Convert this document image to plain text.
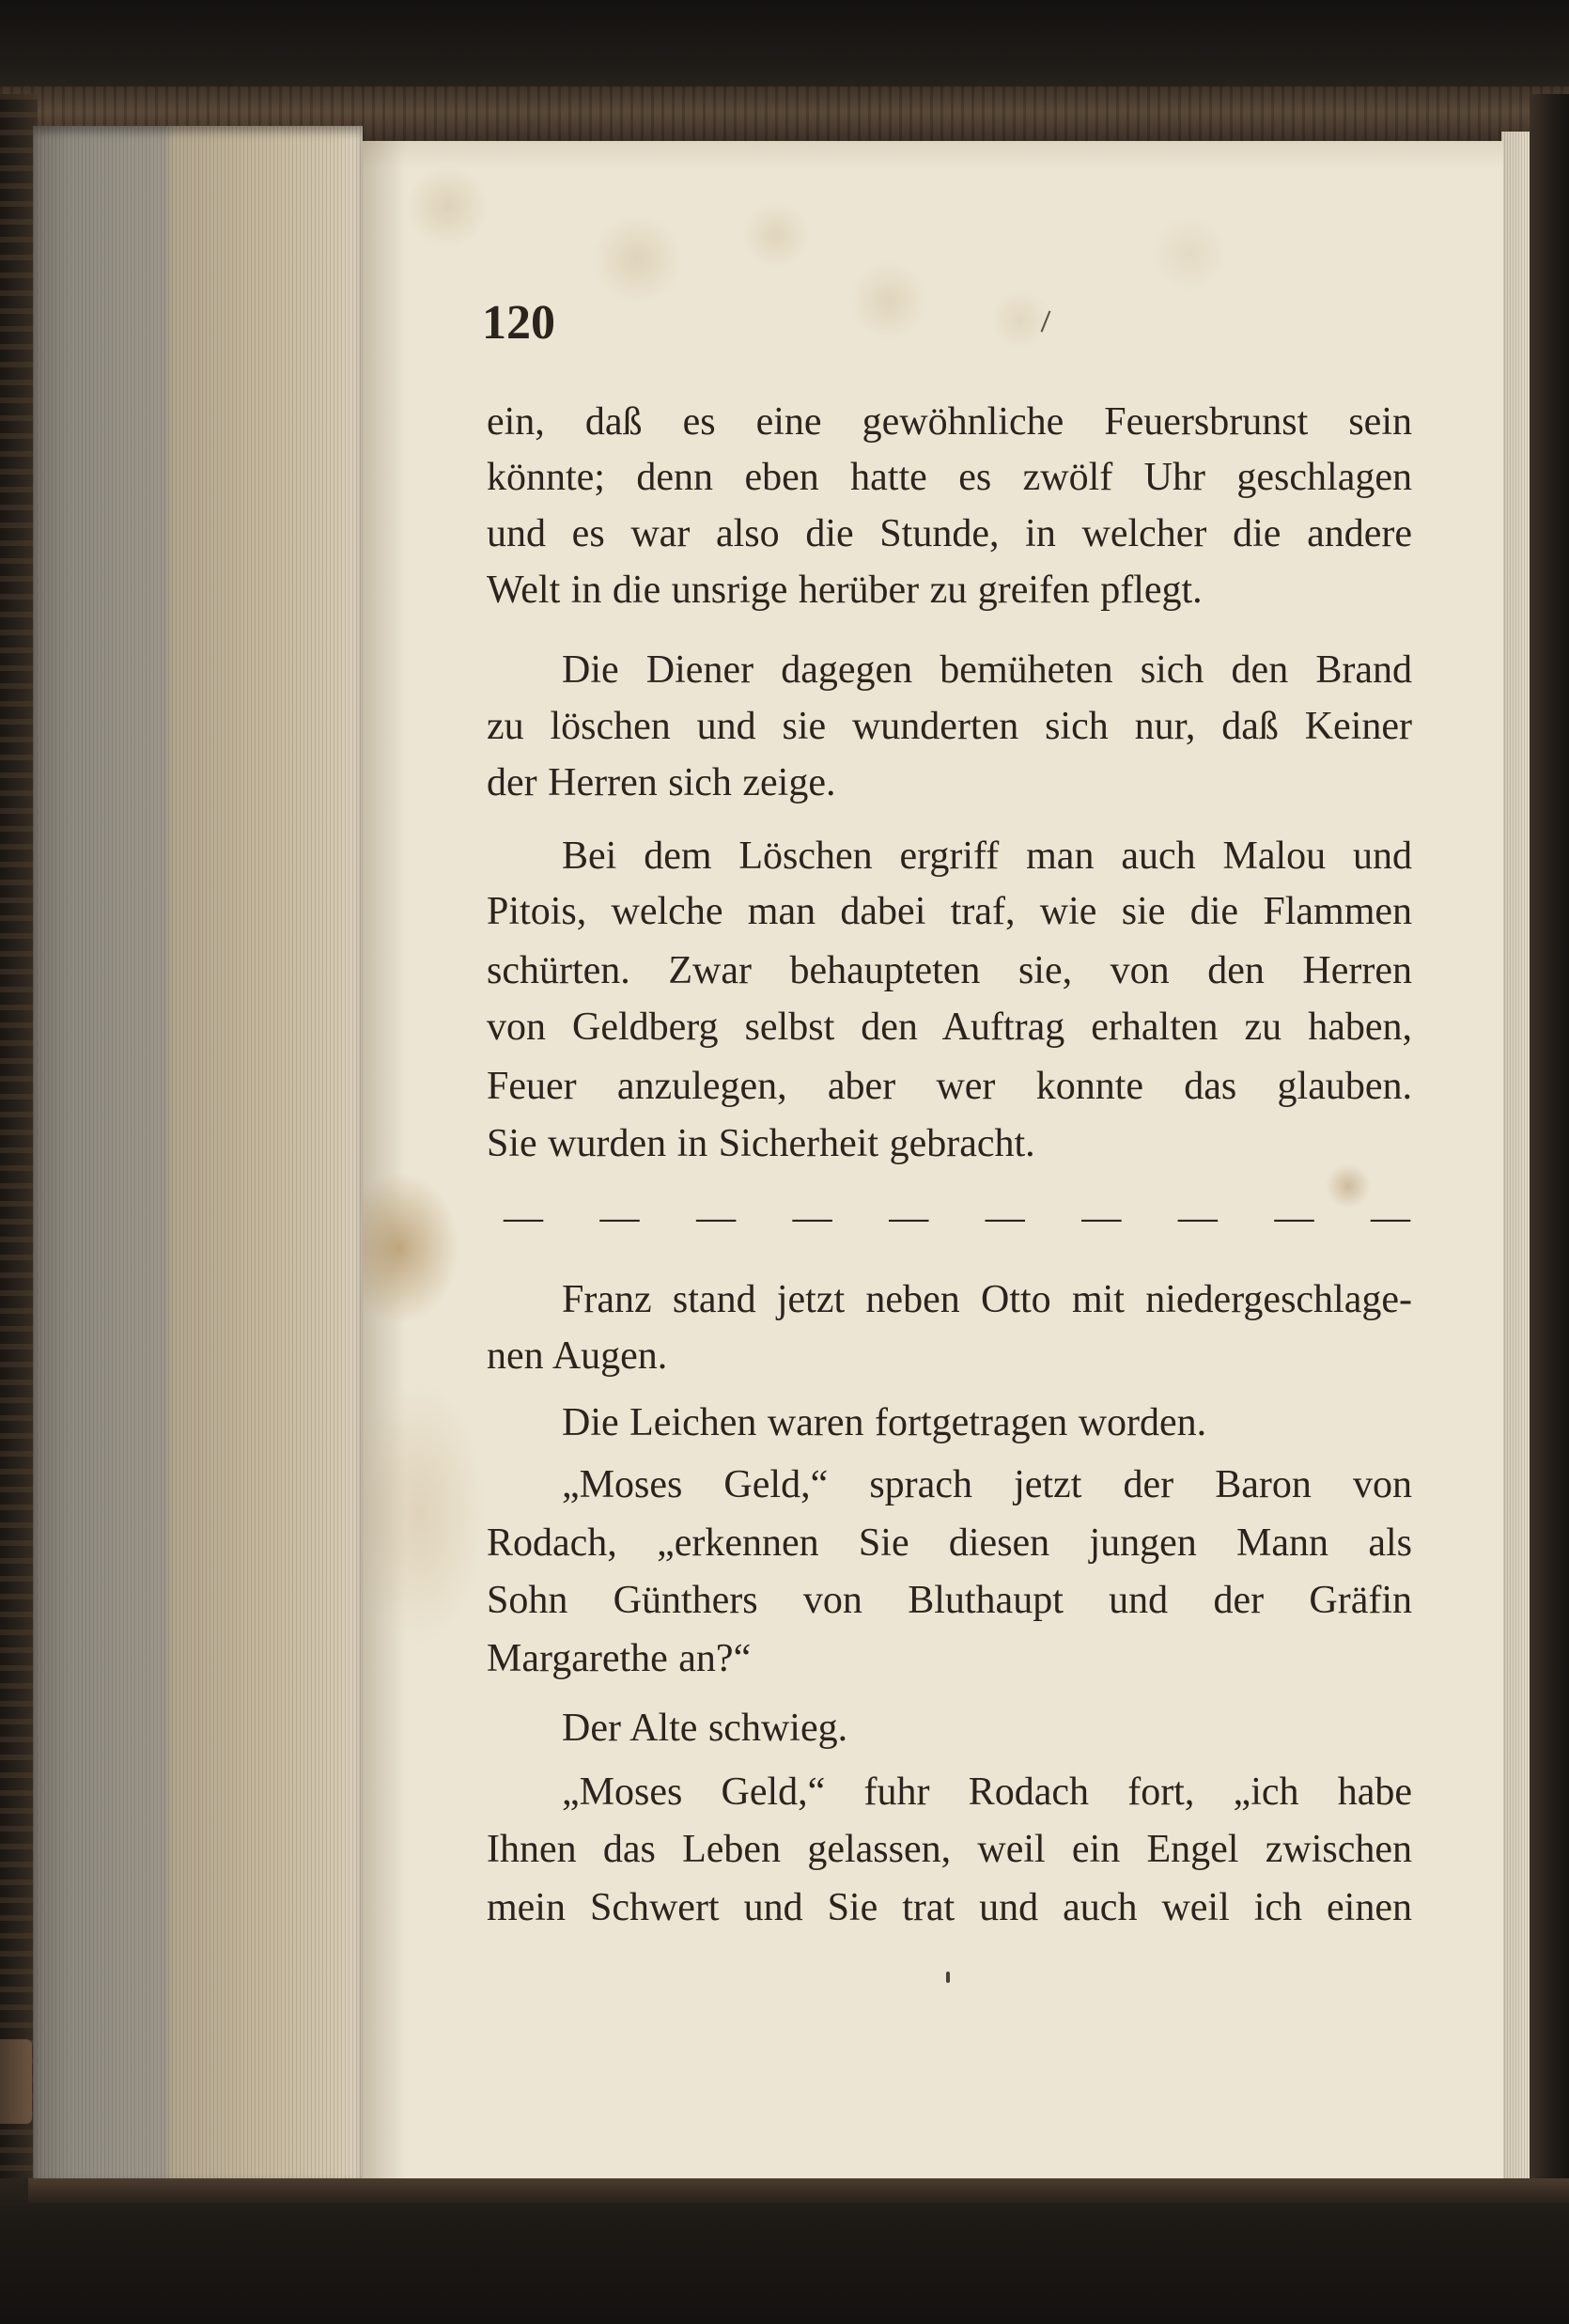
120
ein, daß es eine gewöhnliche Feuersbrunst sein
könnte; denn eben hatte es zwölf Uhr geschlagen
und es war also die Stunde, in welcher die andere
Welt in die unsrige herüber zu greifen pflegt.
Die Diener dagegen bemüheten sich den Brand
zu löschen und sie wunderten sich nur, daß Keiner
der Herren sich zeige.
Bei dem Löschen ergriff man auch Malou und
Pitois, welche man dabei traf, wie sie die Flammen
schürten. Zwar behaupteten sie, von den Herren
von Geldberg selbst den Auftrag erhalten zu haben,
Feuer anzulegen, aber wer konnte das glauben.
Sie wurden in Sicherheit gebracht.
— — — — — — — — — —
Franz stand jetzt neben Otto mit niedergeschlage-
nen Augen.
Die Leichen waren fortgetragen worden.
„Moses Geld,“ sprach jetzt der Baron von
Rodach, „erkennen Sie diesen jungen Mann als
Sohn Günthers von Bluthaupt und der Gräfin
Margarethe an?“
Der Alte schwieg.
„Moses Geld,“ fuhr Rodach fort, „ich habe
Ihnen das Leben gelassen, weil ein Engel zwischen
mein Schwert und Sie trat und auch weil ich einen
